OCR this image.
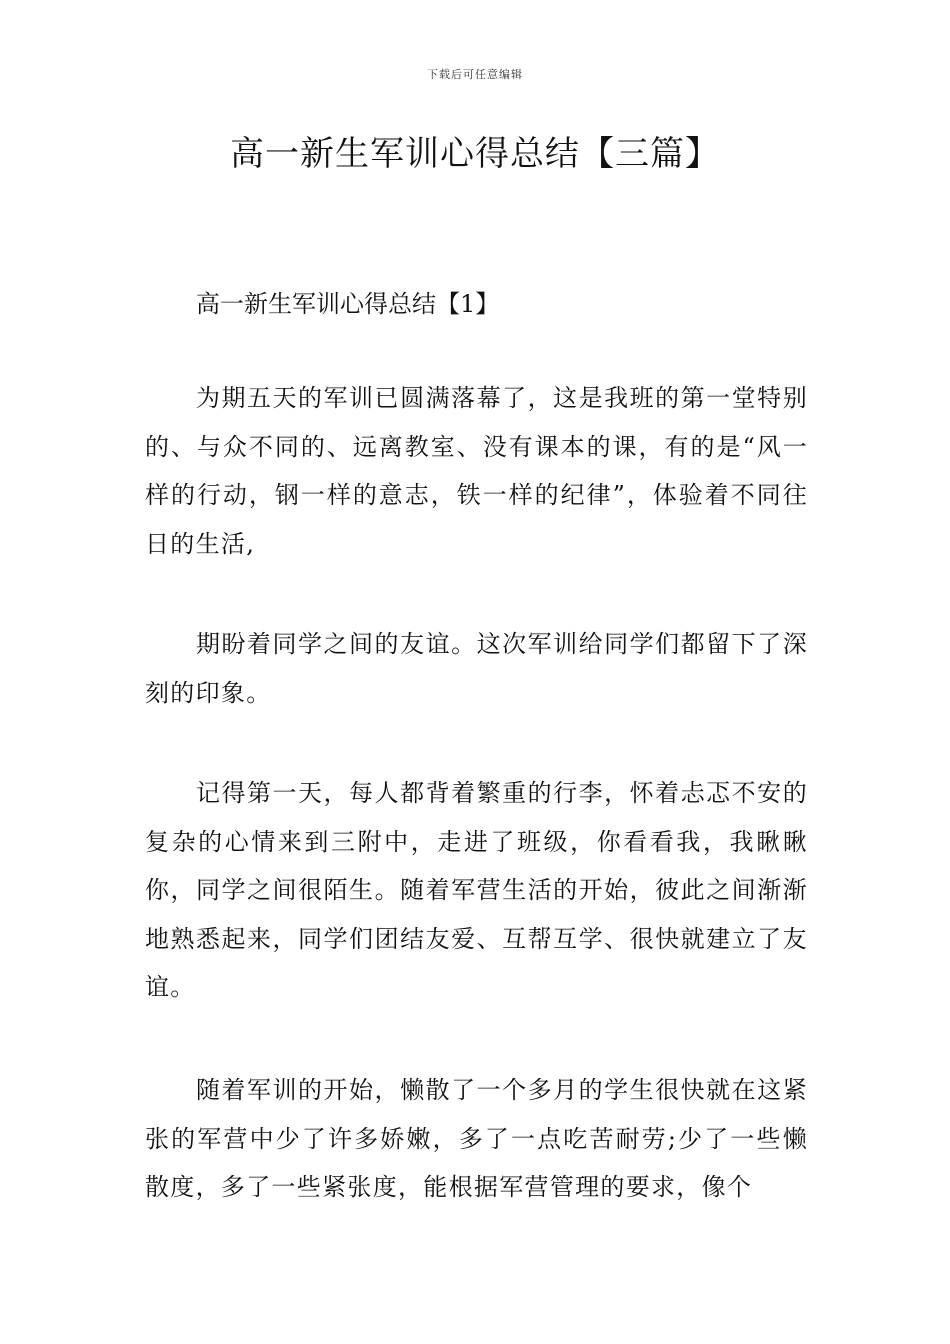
下载后可任意编辑
高一新生军训心得总结【三篇】
高一新生军训心得总结【1】

为期五天的军训已圆满落幕了，这是我班的第一堂特别的、与众不同的、远离教室、没有课本的课，有的是“风一样的行动，钢一样的意志，铁一样的纪律”，体验着不同往日的生活,

期盼着同学之间的友谊。这次军训给同学们都留下了深刻的印象。

记得第一天，每人都背着繁重的行李，怀着忐忑不安的复杂的心情来到三附中，走进了班级，你看看我，我瞅瞅你，同学之间很陌生。随着军营生活的开始，彼此之间渐渐地熟悉起来，同学们团结友爱、互帮互学、很快就建立了友谊。

随着军训的开始，懒散了一个多月的学生很快就在这紧张的军营中少了许多娇嫩，多了一点吃苦耐劳;少了一些懒散度，多了一些紧张度，能根据军营管理的要求，像个
